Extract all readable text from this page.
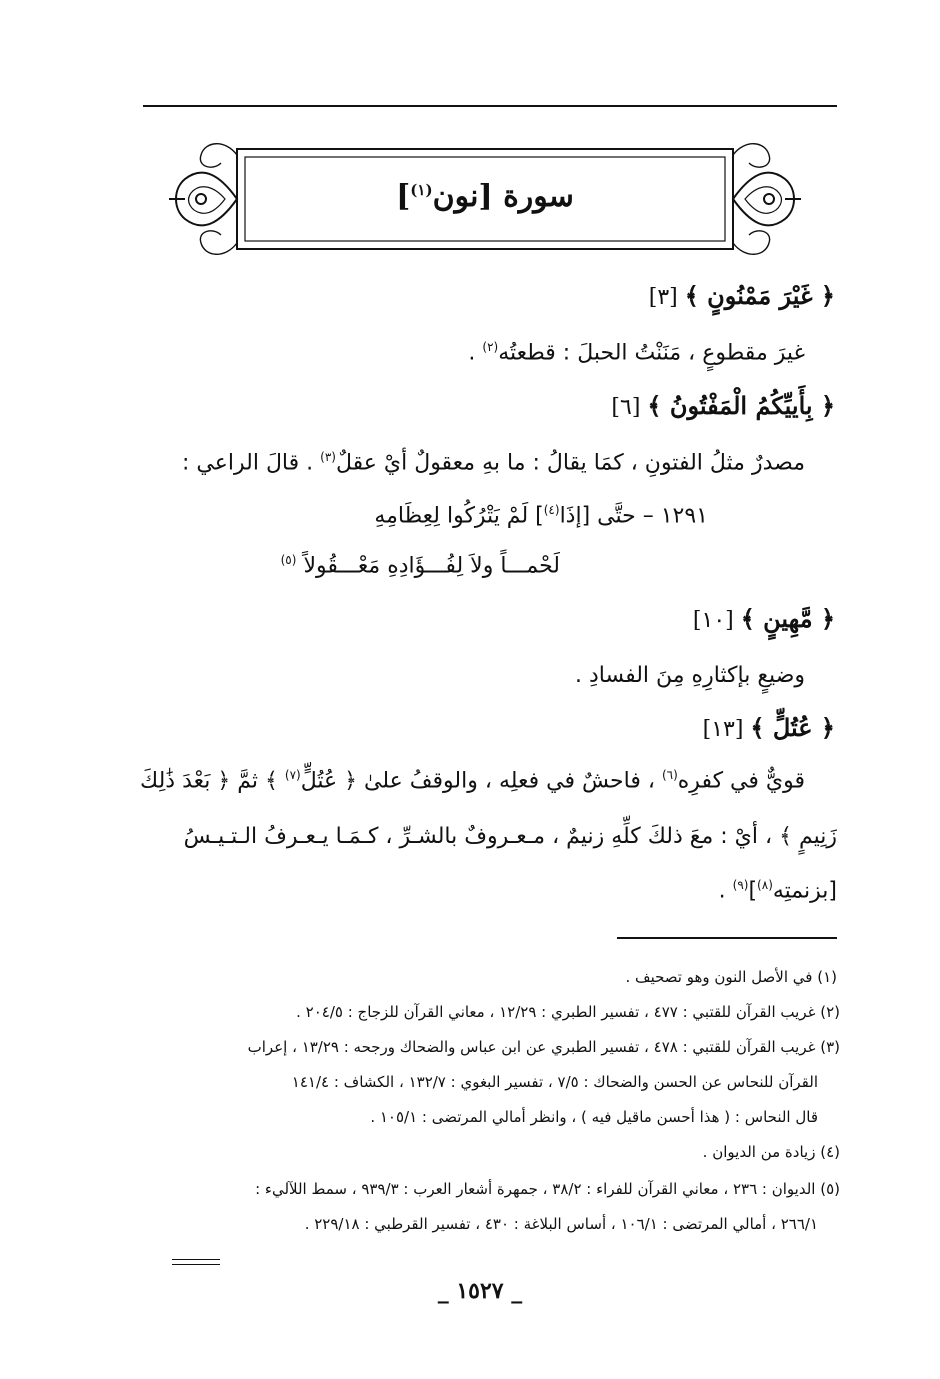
سورة [نون$^{(١)}$]
﴿ غَيْرَ مَمْنُونٍ ﴾ [٣]
غيرَ مقطوعٍ ، مَنَنْتُ الحبلَ : قطعتُه$^{(٢)}$ .
﴿ بِأَييِّكُمُ الْمَفْتُونُ ﴾ [٦]
مصدرٌ مثلُ الفتونِ ، كمَا يقالُ : ما بهِ معقولٌ أيْ عقلٌ$^{(٣)}$ . قالَ الراعي :
١٢٩١ – حتَّى [إذَا$^{(٤)}$] لَمْ يَتْرُكُوا لِعِظَامِهِ
لَحْمـــاً ولاَ لِفُـــؤَادِهِ مَعْـــقُولاً $^{(٥)}$
﴿ مَّهِينٍ ﴾ [١٠]
وضيعٍ بإكثارِهِ مِنَ الفسادِ .
﴿ عُتُلٍّ ﴾ [١٣]
قويٌّ في كفرِه$^{(٦)}$ ، فاحشٌ في فعلِه ، والوقفُ علىٰ ﴿ عُتُلٍّ$^{(٧)}$ ﴾ ثمَّ ﴿ بَعْدَ ذَٰلِكَ
زَنِيمٍ ﴾ ، أيْ : معَ ذلكَ كلِّهِ زنيمٌ ، مـعـروفٌ بالشـرِّ ، كـمَـا يـعـرفُ الـتـيـسُ
[بزنمتِه$^{(٨)}$]$^{(٩)}$ .
(١) في الأصل النون وهو تصحيف .
(٢) غريب القرآن للقتبي : ٤٧٧ ، تفسير الطبري : ١٢/٢٩ ، معاني القرآن للزجاج : ٢٠٤/٥ .
(٣) غريب القرآن للقتبي : ٤٧٨ ، تفسير الطبري عن ابن عباس والضحاك ورجحه : ١٣/٢٩ ، إعراب
القرآن للنحاس عن الحسن والضحاك : ٧/٥ ، تفسير البغوي : ١٣٢/٧ ، الكشاف : ١٤١/٤
قال النحاس : ( هذا أحسن ماقيل فيه ) ، وانظر أمالي المرتضى : ١٠٥/١ .
(٤) زيادة من الديوان .
(٥) الديوان : ٢٣٦ ، معاني القرآن للفراء : ٣٨/٢ ، جمهرة أشعار العرب : ٩٣٩/٣ ، سمط اللآليء :
٢٦٦/١ ، أمالي المرتضى : ١٠٦/١ ، أساس البلاغة : ٤٣٠ ، تفسير القرطبي : ٢٢٩/١٨ .
_ ١٥٢٧ _
